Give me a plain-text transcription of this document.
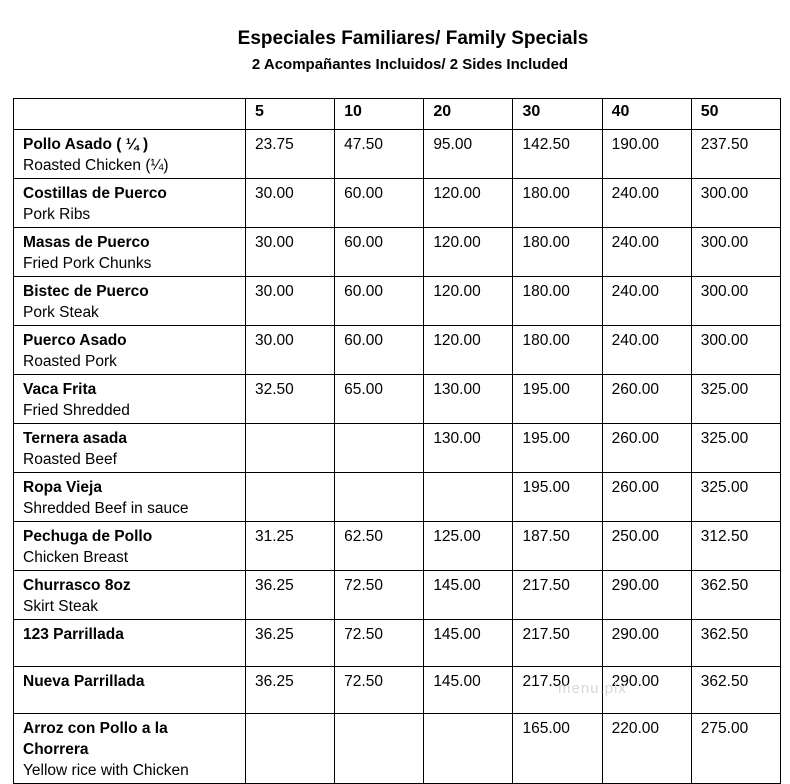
Especiales Familiares/ Family Specials
2 Acompañantes Incluidos/ 2 Sides Included
	5	10	20	30	40	50

Pollo Asado ( ¼ )
Roasted Chicken (¼)	23.75	47.50	95.00	142.50	190.00	237.50

Costillas de Puerco
Pork Ribs	30.00	60.00	120.00	180.00	240.00	300.00

Masas de Puerco
Fried Pork Chunks	30.00	60.00	120.00	180.00	240.00	300.00

Bistec de Puerco
Pork Steak	30.00	60.00	120.00	180.00	240.00	300.00

Puerco Asado
Roasted Pork	30.00	60.00	120.00	180.00	240.00	300.00

Vaca Frita
Fried Shredded	32.50	65.00	130.00	195.00	260.00	325.00

Ternera asada
Roasted Beef			130.00	195.00	260.00	325.00

Ropa Vieja
Shredded Beef in sauce				195.00	260.00	325.00

Pechuga de Pollo
Chicken Breast	31.25	62.50	125.00	187.50	250.00	312.50

Churrasco 8oz
Skirt Steak	36.25	72.50	145.00	217.50	290.00	362.50

123 Parrillada	36.25	72.50	145.00	217.50	290.00	362.50

Nueva Parrillada	36.25	72.50	145.00	217.50	290.00	362.50

Arroz con Pollo a la Chorrera
Yellow rice with Chicken				165.00	220.00	275.00
menu.pix
